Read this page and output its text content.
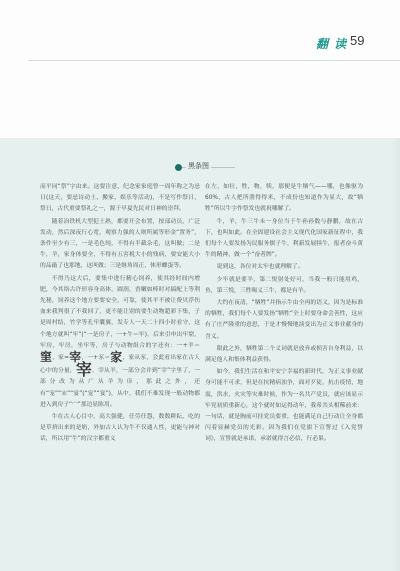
翻 读 59
黑条图

而平同“祭”字由来。这要注意，纪念家家庭曾一周年称之为忌日(这天，要忌诗动土、搬家、娱乐等活动)，不是写作祭日，祭日，古代重要祭礼之一，源于早夏先民对日神的崇拜。

随着冶铁机大型犯土熟，都要开会布置，按部动员，广泛发动，然后深夜行心宽，观察力强的人则所属等形金“置务”，条件至少有三，一是毛色纯，不得有半截杂毛，这叫做；二是牛，羊，家身体要全，不得有五害税大小的残病，要安能大小的品敲了也那地，这叫做；三是继角周正，体形螺蛋等。

不得乃这大后，要集中进行精心饲养，使其经时间内增肥，今其络古许形容身高体，圆润，香嫩如棒时对搞配上等利先秘，饲养这个地方要要安全，可靠，使其平不被让费贝浮伤血来我判很了不我回了，更不能让别的要生动物超彩下集，子是周村结，竹学等孔牢囊翼，发专人一天二十四小时看守，这个地方就叫“牢”(“一是房子，一+牛＝牢)，后来引申出牢窟，牢房，牢房，坐牢等，房子与动物组合的字还有：一+羊＝窐，家=宰，一+豕＝家，家从豕，会此看出家在古人心中的分量，宰，宰从羊，一部分会并到“宰”字里了，一部分改为从广从羊为庠，那此之外，还有“宠”“宋”“宴”(“宠”“宴”)，从中，我们不难发现一般动物都进入到房子“宀”那边显陈用。

牛在古人心目中，高大强健，任劳任怨，数数耕耘，吃的是草挤出来的是奶，外加古人认为牛不仅通人性，更能与神对话，所以用“牛”的汉字都重义

在左，如壮，牲，物，犊，那便是牛牺气——哪，也像驱为 60%，古人把所凿得得米，不成份也知道作为显大，故“牺牲”所以牛字作祭发也就祝哪解了。

牛，羊，牛三牛未一身位当于牛孙孙数与静鹏，故在古下，也叫如此。在全固建设社会主义现代化国家新征程中，我们每个人要发扬为民服务儒子牛，利新发展犊牛，报者奋斗黄牛的精神，做一个“奋者牌”。

说到这，各位对太牢也就理解了。

少牢就是要羊，第二悦射处好可，当我一般只能用鸡，鱼，第三悦，三牲喝义三牛，都是有羊。

大约在夜清，“牺牲”并指示牛由全再的语义，因为是标准的牺牲，我们每个人要发扬“牺牲”全上时要身命会善性，这应有了庄严隆重的意思，于是才慢慢地演变出为正义事业献身的含义。

限此之外，牺牲第二个义词就是放弃或损害自身利益，以满足他人和集体利益获得。

如今，我们生活在和平安宁幸福的新时代，为正义事业献身可能不可求，但是在抗精病浊争，面对歹徒，抗击疫情，地震，洪水，火灾等灾难时候，作为一名共产党员，就应该显示牢党初质重新心，这个就时如运得动年，我希共头相稀前来：一句话，就是胸前可挂党员要重，也能满足自己行动让全身都闪着显赫党员的光彩。因为我们在党旗下宣誓过《入党誓词》，宣誓就是承诺，承诺就得言必信，行必果。
